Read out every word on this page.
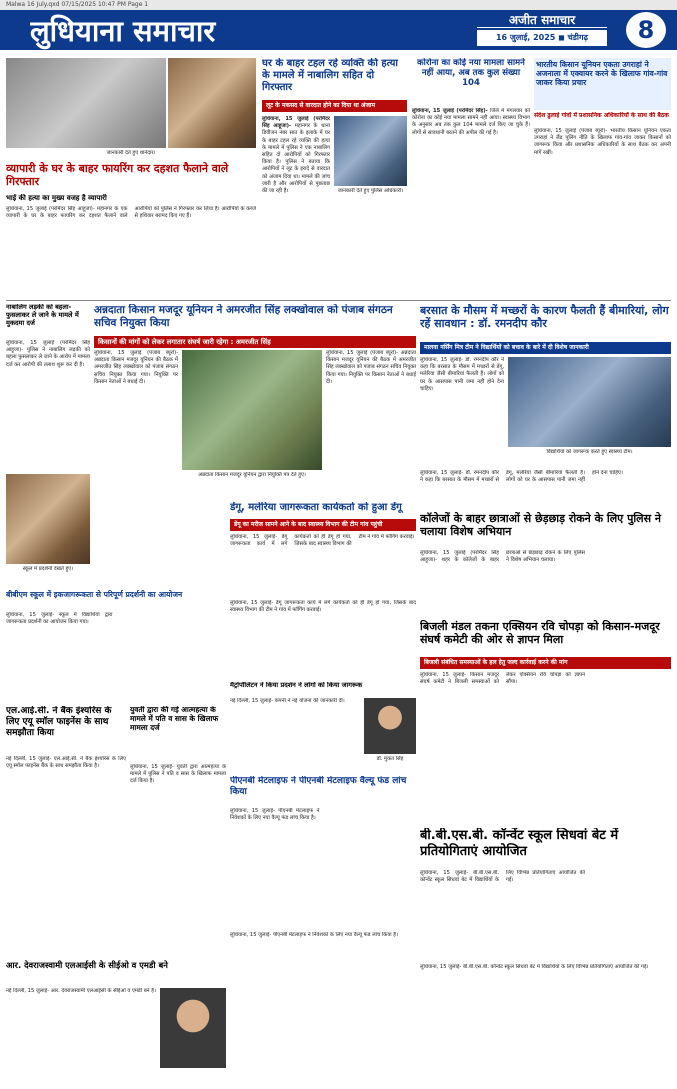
Malwa 16 July.qxd 07/15/2025 10:47 PM Page 1
लुधियाना समाचार	अजीत समाचार
16 जुलाई, 2025 ◼ चंडीगढ़	8
जानकारी देते हुए थानेदार।
घर के बाहर टहल रहे व्यक्ति की हत्या के मामले में नाबालिग सहित दो गिरफ्तार
लूट के मकसद से वारदात होने का दिया था अंजाम
लुधियाना, 15 जुलाई (परमिंदर सिंह आहूजा)- महानगर के थाना डिवीजन नंबर सात के इलाके में घर के बाहर टहल रहे व्यक्ति की हत्या के मामले में पुलिस ने एक नाबालिग सहित दो आरोपियों को गिरफ्तार किया है। पुलिस ने बताया कि आरोपियों ने लूट के इरादे से वारदात को अंजाम दिया था। मामले की जांच जारी है और आरोपियों से पूछताछ की जा रही है।	जानकारी देते हुए पुलिस अधिकारी।
कोरोना का कोई नया मामला सामने नहीं आया, अब तक कुल संख्या 104
लुधियाना, 15 जुलाई (परमिंदर सिंह)- जिले में मंगलवार को कोरोना का कोई नया मामला सामने नहीं आया। स्वास्थ्य विभाग के अनुसार अब तक कुल 104 मामले दर्ज किए जा चुके हैं। लोगों से सावधानी बरतने की अपील की गई है।
भारतीय किसान यूनियन एकता उगराहां ने अजनाला में एक्वायर करने के खिलाफ गांव-गांव जाकर किया प्रचार
संदेश ढुलाई गांवों में प्रशासनिक अधिकारियों के साथ की बैठक
लुधियाना, 15 जुलाई (पंजाब ब्यूरो)- भारतीय किसान यूनियन एकता उगराहां ने लैंड पूलिंग नीति के खिलाफ गांव-गांव जाकर किसानों को जागरूक किया और प्रशासनिक अधिकारियों के साथ बैठक कर अपनी मांगें रखीं।
व्यापारी के घर के बाहर फायरिंग कर दहशत फैलाने वाले गिरफ्तार
भाई की हत्या का मुख्य वजह है व्यापारी
लुधियाना, 15 जुलाई (परमिंदर सिंह आहूजा)- महानगर के एक व्यापारी के घर के बाहर फायरिंग कर दहशत फैलाने वाले आरोपियों को पुलिस ने गिरफ्तार कर लिया है। आरोपियों के कब्जे से हथियार बरामद किए गए हैं।
नाबालिग लड़की को बहला-फुसलाकर ले जाने के मामले में मुकदमा दर्ज
लुधियाना, 15 जुलाई (परमिंदर सिंह आहूजा)- पुलिस ने नाबालिग लड़की को बहला फुसलाकर ले जाने के आरोप में मामला दर्ज कर आरोपी की तलाश शुरू कर दी है।
अन्नदाता किसान मजदूर यूनियन ने अमरजीत सिंह लक्खोवाल को पंजाब संगठन सचिव नियुक्त किया
किसानों की मांगों को लेकर लगातार संघर्ष जारी रहेगा : अमरजीत सिंह
लुधियाना, 15 जुलाई (पंजाब ब्यूरो)- अन्नदाता किसान मजदूर यूनियन की बैठक में अमरजीत सिंह लक्खोवाल को पंजाब संगठन सचिव नियुक्त किया गया। नियुक्ति पर किसान नेताओं ने बधाई दी।
अन्नदाता किसान मजदूर यूनियन द्वारा नियुक्ति पत्र देते हुए।
लुधियाना, 15 जुलाई (पंजाब ब्यूरो)- अन्नदाता किसान मजदूर यूनियन की बैठक में अमरजीत सिंह लक्खोवाल को पंजाब संगठन सचिव नियुक्त किया गया। नियुक्ति पर किसान नेताओं ने बधाई दी।
बरसात के मौसम में मच्छरों के कारण फैलती हैं बीमारियां, लोग रहें सावधान : डॉ. रमनदीप कौर
मालवा नर्सिंग मित्र टीम ने विद्यार्थियों को बचाव के बारे में दी विशेष जानकारी
लुधियाना, 15 जुलाई- डॉ. रमनदीप कौर ने कहा कि बरसात के मौसम में मच्छरों से डेंगू, मलेरिया जैसी बीमारियां फैलती हैं। लोगों को घर के आसपास पानी जमा नहीं होने देना चाहिए।
विद्यार्थियों को जागरूक करते हुए स्वास्थ्य टीम।
लुधियाना, 15 जुलाई- डॉ. रमनदीप कौर ने कहा कि बरसात के मौसम में मच्छरों से डेंगू, मलेरिया जैसी बीमारियां फैलती हैं। लोगों को घर के आसपास पानी जमा नहीं होने देना चाहिए।
स्कूल में प्रदर्शनी देखते हुए।
डेंगू, मलेरिया जागरूकता कार्यकर्ता को हुआ डेंगू
डेंगू का मरीज सामने आने के बाद स्वास्थ्य विभाग की टीम गांव पहुंची
लुधियाना, 15 जुलाई- डेंगू जागरूकता कार्य में लगे कार्यकर्ता को ही डेंगू हो गया, जिसके बाद स्वास्थ्य विभाग की टीम ने गांव में फॉगिंग करवाई।
कॉलेजों के बाहर छात्राओं से छेड़छाड़ रोकने के लिए पुलिस ने चलाया विशेष अभियान
लुधियाना, 15 जुलाई (परमिंदर सिंह आहूजा)- शहर के कॉलेजों के बाहर छात्राओं से छेड़छाड़ रोकने के लिए पुलिस ने विशेष अभियान चलाया।
बीबीएम स्कूल में इकजागरूकता से परिपूर्ण प्रदर्शनी का आयोजन
लुधियाना, 15 जुलाई- स्कूल में विद्यार्थियों द्वारा जागरूकता प्रदर्शनी का आयोजन किया गया।
लुधियाना, 15 जुलाई- डेंगू जागरूकता कार्य में लगे कार्यकर्ता को ही डेंगू हो गया, जिसके बाद स्वास्थ्य विभाग की टीम ने गांव में फॉगिंग करवाई।
बिजली मंडल तकना एक्सियन रवि चोपड़ा को किसान-मजदूर संघर्ष कमेटी की ओर से ज्ञापन मिला
बिजली संबंधित समस्याओं के हल हेतु जल्द कार्रवाई करने की मांग
लुधियाना, 15 जुलाई- किसान मजदूर संघर्ष कमेटी ने बिजली समस्याओं को लेकर एक्सियन रवि चोपड़ा को ज्ञापन सौंपा।
एल.आई.सी. ने बैंक इंश्योरेंस के लिए एयू स्मॉल फाइनेंस के साथ समझौता किया
नई दिल्ली, 15 जुलाई- एल.आई.सी. ने बैंक इंश्योरेंस के लिए एयू स्मॉल फाइनेंस बैंक के साथ समझौता किया है।
युवती द्वारा की गई आत्महत्या के मामले में पति व सास के खिलाफ मामला दर्ज
लुधियाना, 15 जुलाई- युवती द्वारा आत्महत्या के मामले में पुलिस ने पति व सास के खिलाफ मामला दर्ज किया है।
मैट्रोपॉलिटन ने किया प्रदर्शन ने लोगों को किया जागरूक
नई दिल्ली, 15 जुलाई- कंपनी ने नई योजना की जानकारी दी।
डॉ. मुकत सिंह
पीएनबी मेटलाइफ ने पीएनबी मेटलाइफ वैल्यू फंड लांच किया
लुधियाना, 15 जुलाई- पीएनबी मेटलाइफ ने निवेशकों के लिए नया वैल्यू फंड लांच किया है।
बी.बी.एस.बी. कॉन्वेंट स्कूल सिधवां बेट में प्रतियोगिताएं आयोजित
लुधियाना, 15 जुलाई- बी.बी.एस.बी. कॉन्वेंट स्कूल सिधवां बेट में विद्यार्थियों के लिए विभिन्न प्रतियोगिताएं आयोजित की गईं।
आर. देवराजस्वामी एलआईसी के सीईओ व एमडी बने
नई दिल्ली, 15 जुलाई- आर. देवराजस्वामी एलआईसी के सीईओ व एमडी बने हैं।
लुधियाना, 15 जुलाई- पीएनबी मेटलाइफ ने निवेशकों के लिए नया वैल्यू फंड लांच किया है।
लुधियाना, 15 जुलाई- बी.बी.एस.बी. कॉन्वेंट स्कूल सिधवां बेट में विद्यार्थियों के लिए विभिन्न प्रतियोगिताएं आयोजित की गईं।
